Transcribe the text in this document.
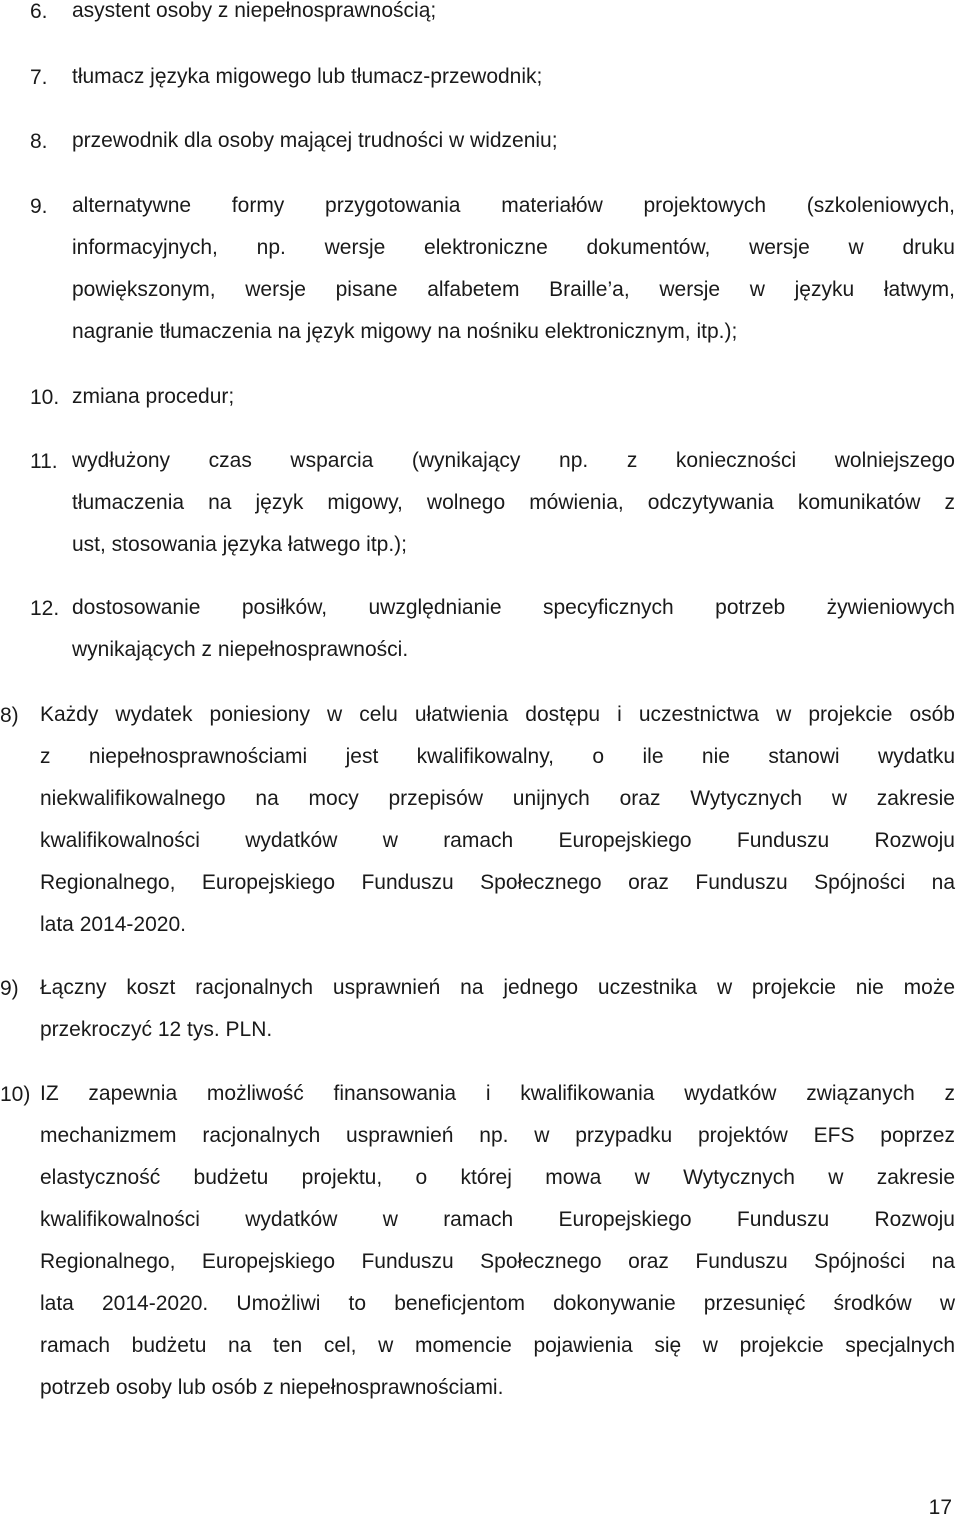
6. asystent osoby z niepełnosprawnością;
7. tłumacz języka migowego lub tłumacz-przewodnik;
8. przewodnik dla osoby mającej trudności w widzeniu;
9. alternatywne formy przygotowania materiałów projektowych (szkoleniowych,
informacyjnych, np. wersje elektroniczne dokumentów, wersje w druku
powiększonym, wersje pisane alfabetem Braille’a, wersje w języku łatwym,
nagranie tłumaczenia na język migowy na nośniku elektronicznym, itp.);
10. zmiana procedur;
11. wydłużony czas wsparcia (wynikający np. z konieczności wolniejszego
tłumaczenia na język migowy, wolnego mówienia, odczytywania komunikatów z
ust, stosowania języka łatwego itp.);
12. dostosowanie posiłków, uwzględnianie specyficznych potrzeb żywieniowych
wynikających z niepełnosprawności.
8) Każdy wydatek poniesiony w celu ułatwienia dostępu i uczestnictwa w projekcie osób
z niepełnosprawnościami jest kwalifikowalny, o ile nie stanowi wydatku
niekwalifikowalnego na mocy przepisów unijnych oraz Wytycznych w zakresie
kwalifikowalności wydatków w ramach Europejskiego Funduszu Rozwoju
Regionalnego, Europejskiego Funduszu Społecznego oraz Funduszu Spójności na
lata 2014-2020.
9) Łączny koszt racjonalnych usprawnień na jednego uczestnika w projekcie nie może
przekroczyć 12 tys. PLN.
10) IZ zapewnia możliwość finansowania i kwalifikowania wydatków związanych z
mechanizmem racjonalnych usprawnień np. w przypadku projektów EFS poprzez
elastyczność budżetu projektu, o której mowa w Wytycznych w zakresie
kwalifikowalności wydatków w ramach Europejskiego Funduszu Rozwoju
Regionalnego, Europejskiego Funduszu Społecznego oraz Funduszu Spójności na
lata 2014-2020. Umożliwi to beneficjentom dokonywanie przesunięć środków w
ramach budżetu na ten cel, w momencie pojawienia się w projekcie specjalnych
potrzeb osoby lub osób z niepełnosprawnościami.
17
